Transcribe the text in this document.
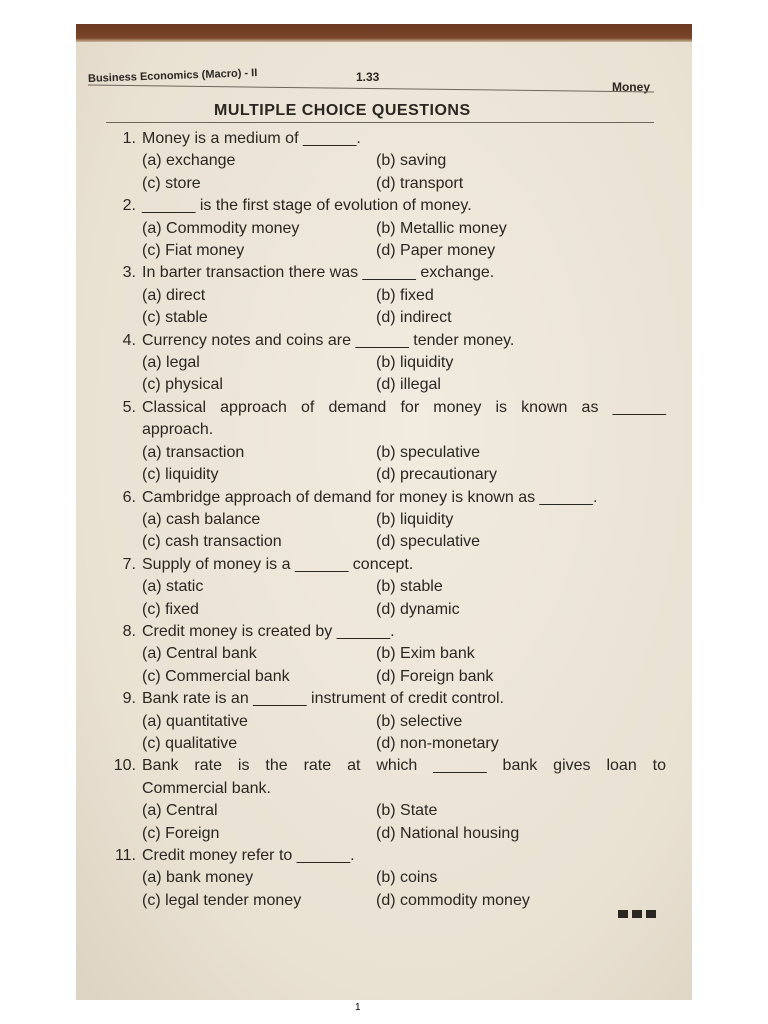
Business Economics (Macro) - II	1.33
Money
MULTIPLE CHOICE QUESTIONS
1. Money is a medium of ______.
(a) exchange	(b) saving
(c) store	(d) transport
2. ______ is the first stage of evolution of money.
(a) Commodity money	(b) Metallic money
(c) Fiat money	(d) Paper money
3. In barter transaction there was ______ exchange.
(a) direct	(b) fixed
(c) stable	(d) indirect
4. Currency notes and coins are ______ tender money.
(a) legal	(b) liquidity
(c) physical	(d) illegal
5. Classical approach of demand for money is known as ______
approach.
(a) transaction	(b) speculative
(c) liquidity	(d) precautionary
6. Cambridge approach of demand for money is known as ______.
(a) cash balance	(b) liquidity
(c) cash transaction	(d) speculative
7. Supply of money is a ______ concept.
(a) static	(b) stable
(c) fixed	(d) dynamic
8. Credit money is created by ______.
(a) Central bank	(b) Exim bank
(c) Commercial bank	(d) Foreign bank
9. Bank rate is an ______ instrument of credit control.
(a) quantitative	(b) selective
(c) qualitative	(d) non-monetary
10. Bank rate is the rate at which ______ bank gives loan to
Commercial bank.
(a) Central	(b) State
(c) Foreign	(d) National housing
11. Credit money refer to ______.
(a) bank money	(b) coins
(c) legal tender money	(d) commodity money
1
